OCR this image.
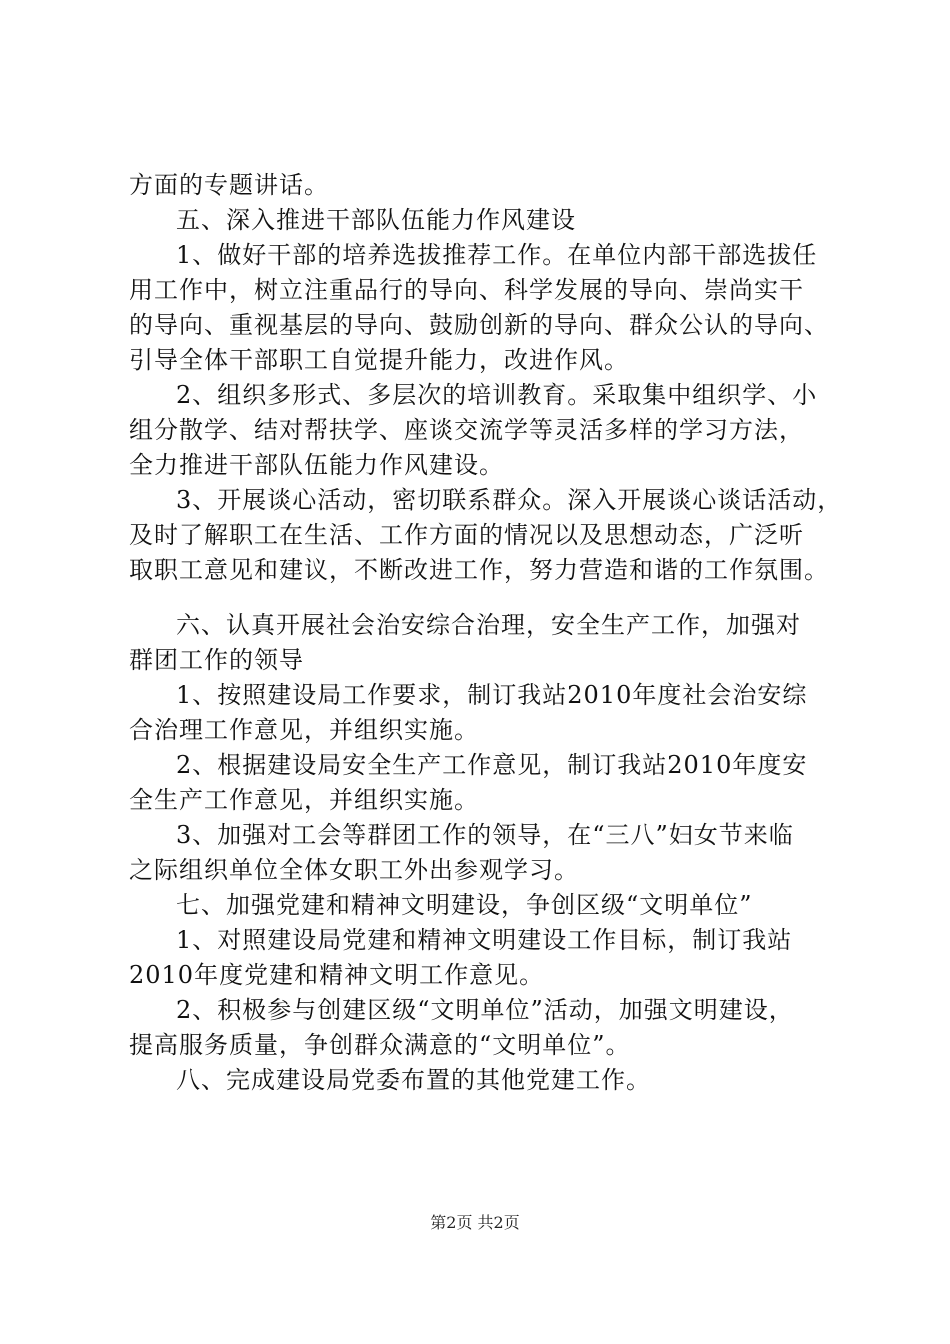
方面的专题讲话。
五、深入推进干部队伍能力作风建设
1、做好干部的培养选拔推荐工作。在单位内部干部选拔任
用工作中，树立注重品行的导向、科学发展的导向、崇尚实干
的导向、重视基层的导向、鼓励创新的导向、群众公认的导向、
引导全体干部职工自觉提升能力，改进作风。
2、组织多形式、多层次的培训教育。采取集中组织学、小
组分散学、结对帮扶学、座谈交流学等灵活多样的学习方法，
全力推进干部队伍能力作风建设。
3、开展谈心活动，密切联系群众。深入开展谈心谈话活动，
及时了解职工在生活、工作方面的情况以及思想动态，广泛听
取职工意见和建议，不断改进工作，努力营造和谐的工作氛围。
六、认真开展社会治安综合治理，安全生产工作，加强对
群团工作的领导
1、按照建设局工作要求，制订我站2010年度社会治安综
合治理工作意见，并组织实施。
2、根据建设局安全生产工作意见，制订我站2010年度安
全生产工作意见，并组织实施。
3、加强对工会等群团工作的领导，在“三八”妇女节来临
之际组织单位全体女职工外出参观学习。
七、加强党建和精神文明建设，争创区级“文明单位”
1、对照建设局党建和精神文明建设工作目标，制订我站
2010年度党建和精神文明工作意见。
2、积极参与创建区级“文明单位”活动，加强文明建设，
提高服务质量，争创群众满意的“文明单位”。
八、完成建设局党委布置的其他党建工作。
第2页 共2页
